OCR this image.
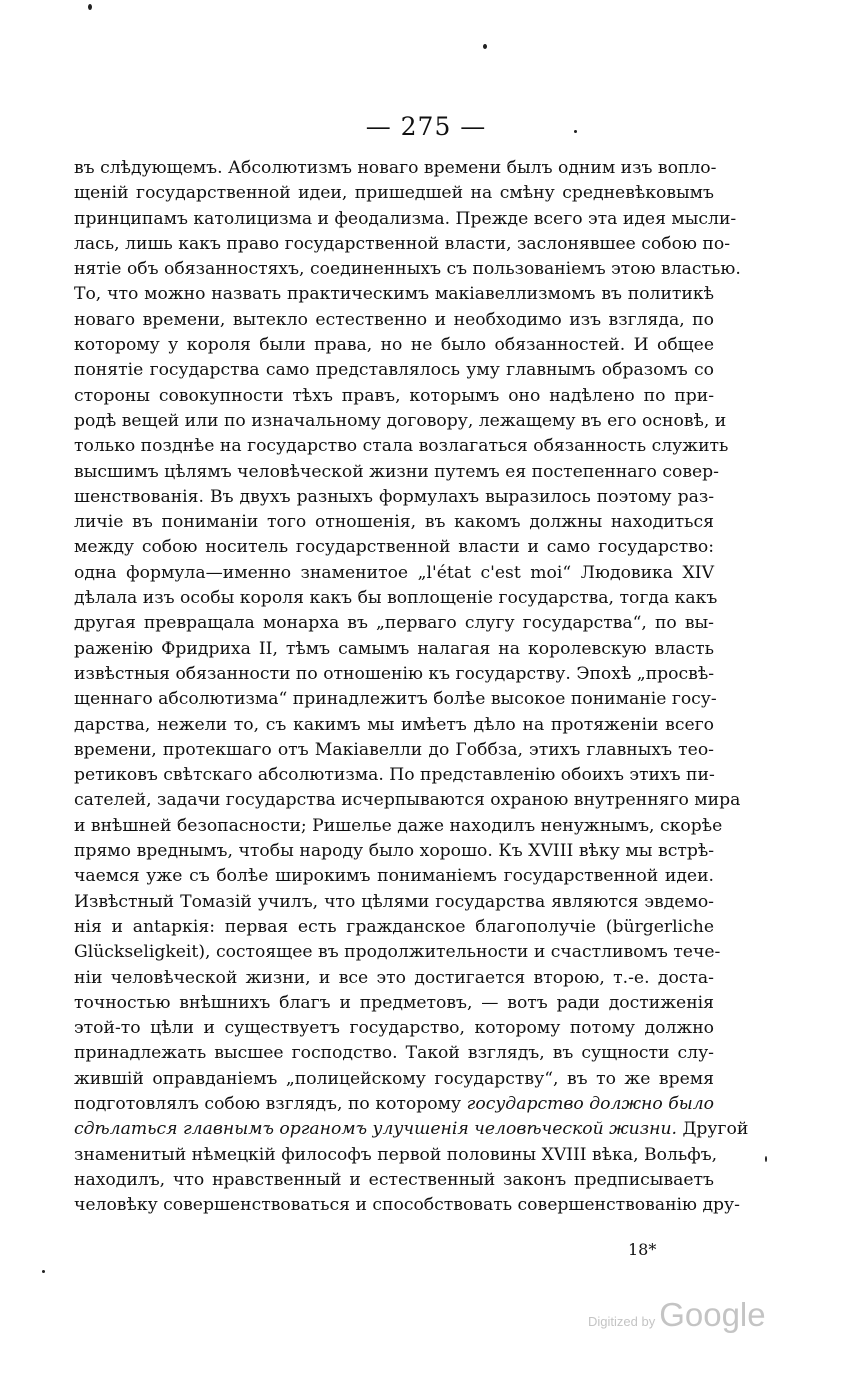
— 275 —
въ слѣдующемъ. Абсолютизмъ новаго времени былъ одним изъ вопло-
щеній государственной идеи, пришедшей на смѣну средневѣковымъ
принципамъ католицизма и феодализма. Прежде всего эта идея мысли-
лась, лишь какъ право государственной власти, заслонявшее собою по-
нятіе объ обязанностяхъ, соединенныхъ съ пользованіемъ этою властью.
То, что можно назвать практическимъ макіавеллизмомъ въ политикѣ
новаго времени, вытекло естественно и необходимо изъ взгляда, по
которому у короля были права, но не было обязанностей. И общее
понятіе государства само представлялось уму главнымъ образомъ со
стороны совокупности тѣхъ правъ, которымъ оно надѣлено по при-
родѣ вещей или по изначальному договору, лежащему въ его основѣ, и
только позднѣе на государство стала возлагаться обязанность служить
высшимъ цѣлямъ человѣческой жизни путемъ ея постепеннаго совер-
шенствованія. Въ двухъ разныхъ формулахъ выразилось поэтому раз-
личіе въ пониманіи того отношенія, въ какомъ должны находиться
между собою носитель государственной власти и само государство:
одна формула—именно знаменитое „l'état c'est moi“ Людовика XIV
дѣлала изъ особы короля какъ бы воплощеніе государства, тогда какъ
другая превращала монарха въ „перваго слугу государства“, по вы-
раженію Фридриха II, тѣмъ самымъ налагая на королевскую власть
извѣстныя обязанности по отношенію къ государству. Эпохѣ „просвѣ-
щеннаго абсолютизма“ принадлежитъ болѣе высокое пониманіе госу-
дарства, нежели то, съ какимъ мы имѣетъ дѣло на протяженіи всего
времени, протекшаго отъ Макіавелли до Гоббза, этихъ главныхъ тео-
ретиковъ свѣтскаго абсолютизма. По представленію обоихъ этихъ пи-
сателей, задачи государства исчерпываются охраною внутренняго мира
и внѣшней безопасности; Ришелье даже находилъ ненужнымъ, скорѣе
прямо вреднымъ, чтобы народу было хорошо. Къ XVIII вѣку мы встрѣ-
чаемся уже съ болѣе широкимъ пониманіемъ государственной идеи.
Извѣстный Томазій училъ, что цѣлями государства являются эвдемо-
нія и аntаркія: первая есть гражданское благополучіе (bürgerliche
Glückseligkeit), состоящее въ продолжительности и счастливомъ тече-
ніи человѣческой жизни, и все это достигается второю, т.-е. доста-
точностью внѣшнихъ благъ и предметовъ, — вотъ ради достиженія
этой-то цѣли и существуетъ государство, которому потому должно
принадлежать высшее господство. Такой взглядъ, въ сущности слу-
жившій оправданіемъ „полицейскому государству“, въ то же время
подготовлялъ собою взглядъ, по которому государство должно было
сдѣлаться главнымъ органомъ улучшенія человѣческой жизни. Другой
знаменитый нѣмецкій философъ первой половины XVIII вѣка, Вольфъ,
находилъ, что нравственный и естественный законъ предписываетъ
человѣку совершенствоваться и способствовать совершенствованію дру-
18*
Digitized by Google
